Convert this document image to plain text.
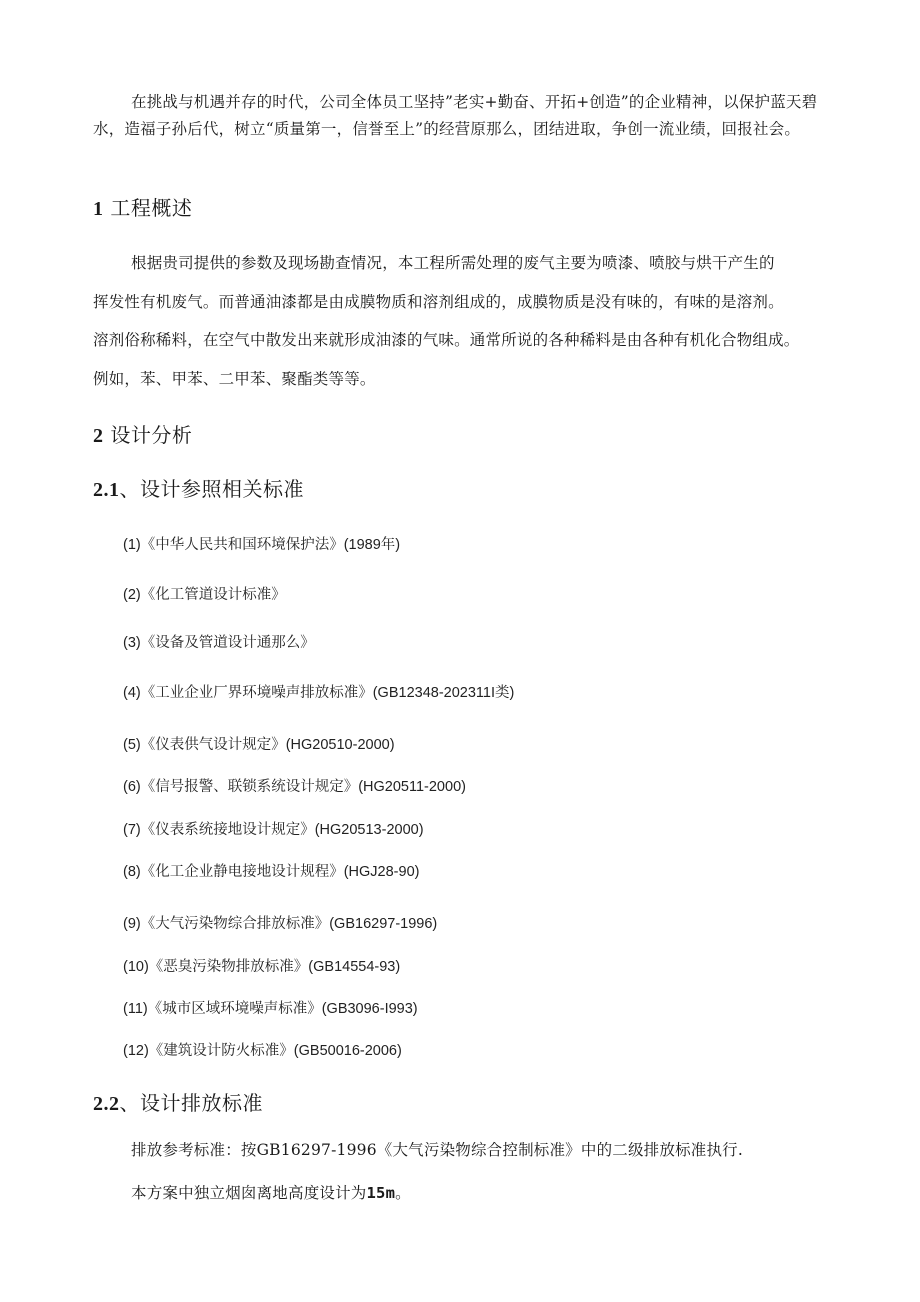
在挑战与机遇并存的时代，公司全体员工坚持”老实+勤奋、开拓+创造”的企业精神，以保护蓝天碧水，造福子孙后代，树立“质量第一，信誉至上”的经营原那么，团结进取，争创一流业绩，回报社会。

1 工程概述

根据贵司提供的参数及现场勘查情况，本工程所需处理的废气主要为喷漆、喷胶与烘干产生的

挥发性有机废气。而普通油漆都是由成膜物质和溶剂组成的，成膜物质是没有味的，有味的是溶剂。

溶剂俗称稀料，在空气中散发出来就形成油漆的气味。通常所说的各种稀料是由各种有机化合物组成。

例如，苯、甲苯、二甲苯、聚酯类等等。

2 设计分析
2.1、设计参照相关标准

(1)《中华人民共和国环境保护法》(1989年)

(2)《化工管道设计标准》

(3)《设备及管道设计通那么》

(4)《工业企业厂界环境噪声排放标准》(GB12348-202311I类)

(5)《仪表供气设计规定》(HG20510-2000)

(6)《信号报警、联锁系统设计规定》(HG20511-2000)

(7)《仪表系统接地设计规定》(HG20513-2000)

(8)《化工企业静电接地设计规程》(HGJ28-90)

(9)《大气污染物综合排放标准》(GB16297-1996)

(10)《恶臭污染物排放标准》(GB14554-93)

(11)《城市区域环境噪声标准》(GB3096-I993)

(12)《建筑设计防火标准》(GB50016-2006)

2.2、设计排放标准

排放参考标准：按GB16297-1996《大气污染物综合控制标准》中的二级排放标准执行.

本方案中独立烟囱离地高度设计为15m。
